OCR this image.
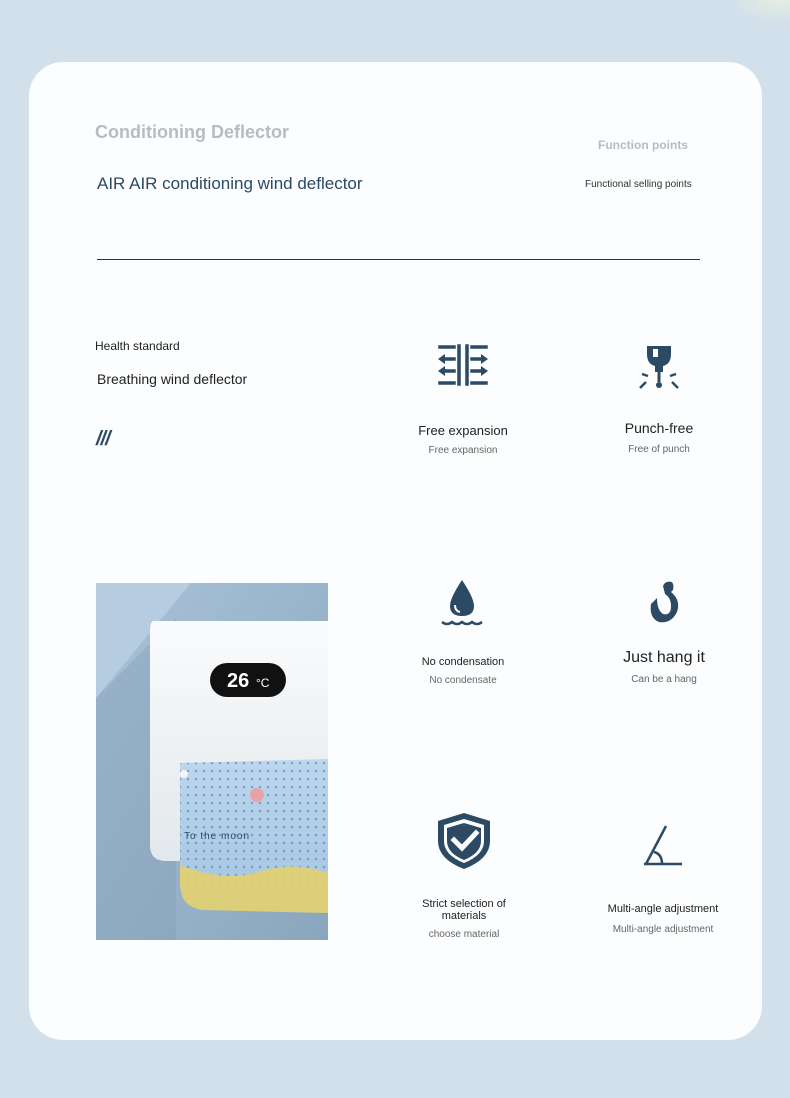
Conditioning Deflector
AIR AIR conditioning wind deflector
Function points
Functional selling points
Health standard
Breathing wind deflector
///
26 °C
To the moon
Free expansion
Free expansion
Punch-free
Free of punch
No condensation
No condensate
Just hang it
Can be a hang
Strict selection of materials
choose material
Multi-angle adjustment
Multi-angle adjustment
